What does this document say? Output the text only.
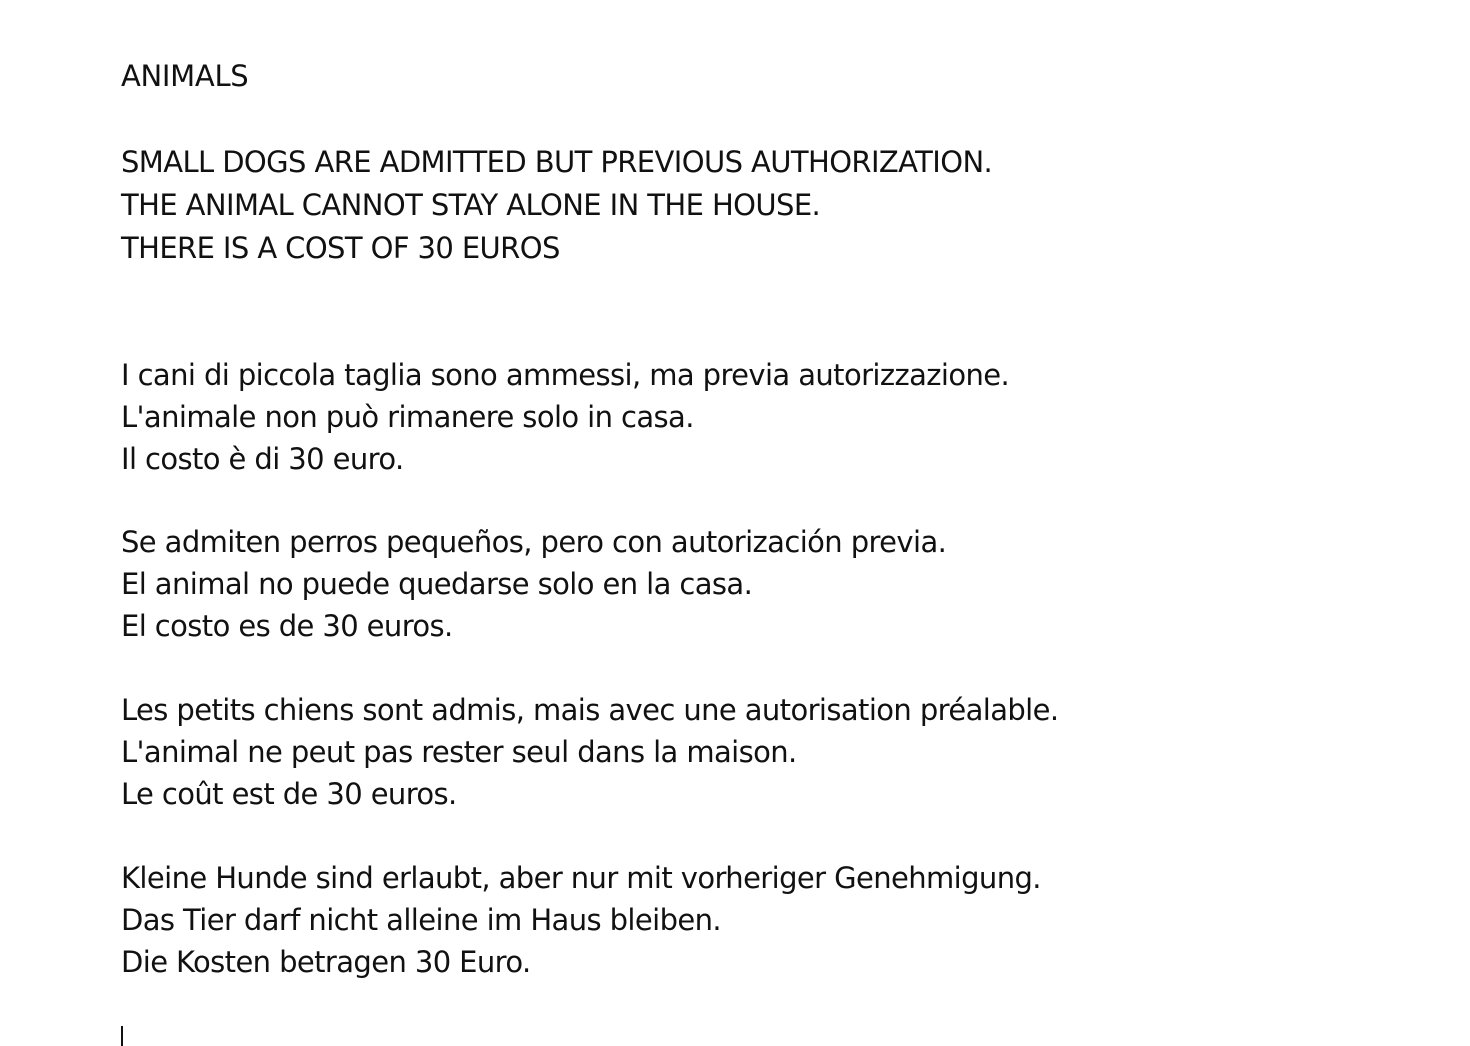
ANIMALS

SMALL DOGS ARE ADMITTED BUT PREVIOUS AUTHORIZATION.
THE ANIMAL CANNOT STAY ALONE IN THE HOUSE.
THERE IS A COST OF 30 EUROS

I cani di piccola taglia sono ammessi, ma previa autorizzazione.
L'animale non può rimanere solo in casa.
Il costo è di 30 euro.

Se admiten perros pequeños, pero con autorización previa.
El animal no puede quedarse solo en la casa.
El costo es de 30 euros.

Les petits chiens sont admis, mais avec une autorisation préalable.
L'animal ne peut pas rester seul dans la maison.
Le coût est de 30 euros.

Kleine Hunde sind erlaubt, aber nur mit vorheriger Genehmigung.
Das Tier darf nicht alleine im Haus bleiben.
Die Kosten betragen 30 Euro.
